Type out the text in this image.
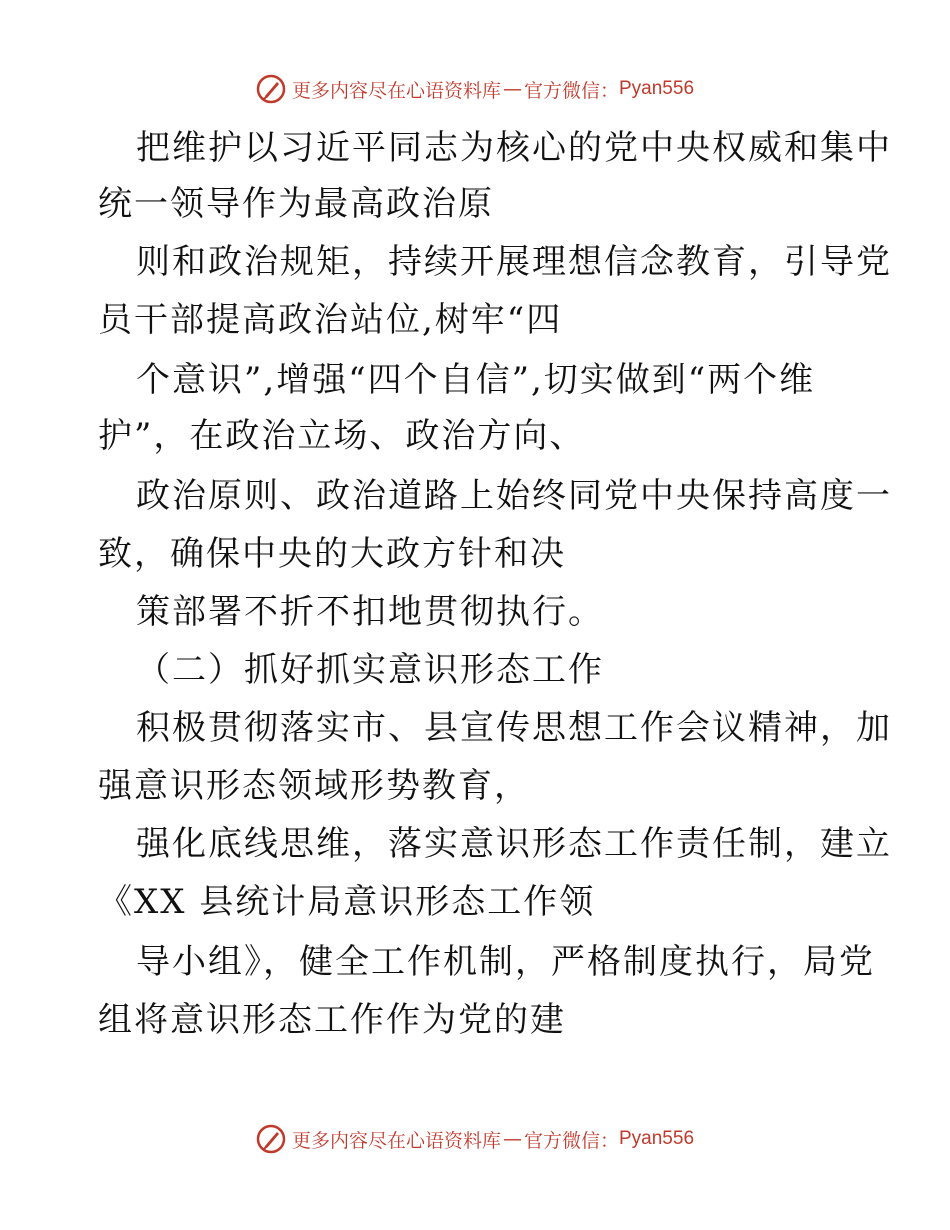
更多内容尽在心语资料库 — 官方微信： Pyan556
把维护以习近平同志为核心的党中央权威和集中
统一领导作为最高政治原
则和政治规矩，持续开展理想信念教育，引导党
员干部提高政治站位,树牢“四
个意识”,增强“四个自信”,切实做到“两个维
护”，在政治立场、政治方向、
政治原则、政治道路上始终同党中央保持高度一
致，确保中央的大政方针和决
策部署不折不扣地贯彻执行。
（二）抓好抓实意识形态工作
积极贯彻落实市、县宣传思想工作会议精神，加
强意识形态领域形势教育，
强化底线思维，落实意识形态工作责任制，建立
《XX 县统计局意识形态工作领
导小组》，健全工作机制，严格制度执行，局党
组将意识形态工作作为党的建
更多内容尽在心语资料库 — 官方微信： Pyan556
